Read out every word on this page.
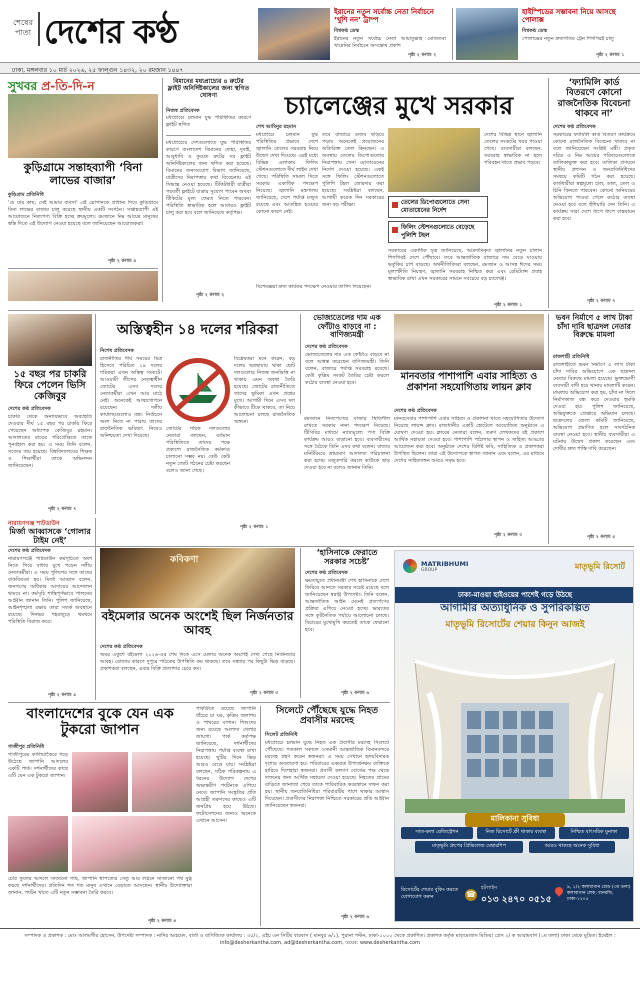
শেষের
পাতা দেশের কণ্ঠ
ঢাকা, মঙ্গলবার ১০ মার্চ ২০২৬, ২৫ ফাল্গুন ১৪৩২, ২০ রমজান ১৪৪৭
ইরানের নতুন সর্বোচ্চ নেতা নির্বাচনে ‘খুশি নন’ ট্রাম্প
বিশ্বকণ্ঠ ডেস্ক
ইরানের নতুন সর্বোচ্চ নেতা আয়াতুল্লাহ মোজতবা খামেনির নির্বাচনে অসন্তোষ প্রকাশ
পৃষ্ঠা ২ কলাম ২
হাইস্পিডের সম্ভাবনা নিয়ে আসছে পোলাক্স
বিশ্বকণ্ঠ ডেস্ক
পোলাক্সের নতুন দ্রুতগতির ট্রেন শিগগিরই চালু
পৃষ্ঠা ২ কলাম ১
সুখবর প্র-তি-দি-ন
কুড়িগ্রামে সন্তাহব্যাপী ‘বিনা লাভের বাজার’
কুড়িগ্রাম প্রতিনিধি
‘যে যার কাছ, সেই আমার ব্যবসা’ এই স্লোগানকে প্রাধান্য দিয়ে কুড়িগ্রামে বিনা লাভের বাজার চালু করেছে স্থানীয় একটি সংগঠন। সপ্তাহব্যাপী এই আয়োজনে নিত্যপণ্য বিক্রি হচ্ছে ক্রয়মূল্যে। রমজানে নিম্ন আয়ের মানুষের স্বস্তি দিতে এই উদ্যোগ নেওয়া হয়েছে বলে জানিয়েছেন আয়োজকরা।
পৃষ্ঠা ২ কলাম ৪
বিমানের মধ্যপ্রাচ্যের ৪ রুটের ফ্লাইট অনির্দিষ্টকালের জন্য স্থগিত ঘোষণা
নিজস্ব প্রতিবেদক
মধ্যপ্রাচ্যে চলমান যুদ্ধ পরিস্থিতির কারণে ফ্লাইট স্থগিত
মধ্যপ্রাচ্যের দেশগুলোতে যুদ্ধ পরিস্থিতির কারণে বাংলাদেশ বিমানের দোহা, দুবাই, আবুধাবি ও কুয়েত রুটের সব ফ্লাইট অনির্দিষ্টকালের জন্য স্থগিত করা হয়েছে। বিমানের জনসংযোগ বিভাগ জানিয়েছে, যাত্রীদের নিরাপত্তার কথা বিবেচনায় এই সিদ্ধান্ত নেওয়া হয়েছে। টিকিটধারী যাত্রীরা পরবর্তী ফ্লাইটে যাত্রার সুযোগ পাবেন অথবা টিকিটের মূল্য ফেরত নিতে পারবেন। পরিস্থিতি স্বাভাবিক হলে আবারও ফ্লাইট চালু করা হবে বলে জানিয়েছে কর্তৃপক্ষ।
পৃষ্ঠা ২ কলাম ২
চ্যালেঞ্জের মুখে সরকার
শেখ আমিনুর রহমান
মধ্যপ্রাচ্যে চলমান যুদ্ধ পরিস্থিতির প্রভাবে দেশে জ্বালানি তেলের সরবরাহ নিয়ে উদ্বেগ দেখা দিয়েছে। এরই মধ্যে বিভিন্ন এলাকায় ফিলিং স্টেশনগুলোতে দীর্ঘ লাইন দেখা গেছে। পরিস্থিতি সামাল দিতে সরকার একাধিক পদক্ষেপ নিয়েছে। জ্বালানি মন্ত্রণালয় জানিয়েছে, দেশে পর্যাপ্ত মজুত রয়েছে এবং আতঙ্কিত হওয়ার কোনো কারণ নেই।
তবে বাজারে গুজব ছড়িয়ে পড়ায় অনেকেই প্রয়োজনের অতিরিক্ত তেল কিনছেন। এ অবস্থায় তেলের ডিপোগুলোর নিরাপত্তায় সেনা মোতায়েনের নির্দেশ দেওয়া হয়েছে। একই সঙ্গে ফিলিং স্টেশনগুলোতে পুলিশি টহল জোরদার করা হয়েছে। সংশ্লিষ্টরা বলছেন, আগামী কয়েক দিন সরকারের জন্য বড় পরীক্ষা।
দেশের বিভিন্ন স্থানে জ্বালানি তেলের সংকটের খবর পাওয়া গেছে। ব্যবসায়ীরা বলছেন, সরবরাহ স্বাভাবিক না হলে পরিবহন খাতে প্রভাব পড়বে।
তেলের ডিপোগুলোতে সেনা মোতায়েনের নির্দেশ
ফিলিং স্টেশনগুলোতে বেড়েছে পুলিশি টহল
সরকারের একাধিক সূত্র জানিয়েছে, আমদানিকৃত জ্বালানির নতুন চালান শিগগিরই দেশে পৌঁছাবে। তবে আন্তর্জাতিক বাজারে দাম বেড়ে যাওয়ায় ভর্তুকির চাপ বাড়ছে। অর্থনীতিবিদরা বলছেন, রমজান ও আসন্ন ঈদের সময় মূল্যস্ফীতি নিয়ন্ত্রণ, জ্বালানি সরবরাহ নিশ্চিত করা এবং রেমিট্যান্স প্রবাহ স্বাভাবিক রাখা এখন সরকারের সামনে সবচেয়ে বড় চ্যালেঞ্জ।
বিশেষজ্ঞরা দ্রুত কার্যকর পদক্ষেপ নেওয়ার তাগিদ দিয়েছেন।
পৃষ্ঠা ২ কলাম ১
‘ফ্যামিলি কার্ড বিতরণে কোনো রাজনৈতিক বিবেচনা থাকবে না’
দেশের কণ্ঠ প্রতিবেদক
সরকারের ফ্যামিলি কার্ড বিতরণ কার্যক্রমে কোনো রাজনৈতিক বিবেচনা থাকবে না বলে জানিয়েছেন সংশ্লিষ্ট মন্ত্রী। প্রকৃত দরিদ্র ও নিম্ন আয়ের পরিবারগুলোকে তালিকাভুক্ত করা হবে। তালিকা প্রণয়নে স্থানীয় প্রশাসন ও জনপ্রতিনিধিদের সমন্বয়ে কমিটি গঠন করা হয়েছে। কার্ডধারীরা স্বল্পমূল্যে চাল, ডাল, তেল ও চিনি কিনতে পারবেন। কোনো অনিয়মের অভিযোগ পাওয়া গেলে কঠোর ব্যবস্থা নেওয়া হবে বলে হুঁশিয়ারি দেন তিনি। এ কার্যক্রম সারা দেশে ধাপে ধাপে বাস্তবায়ন করা হবে।
পৃষ্ঠা ২ কলাম ৭
১৫ বছর পর চাকরি ফিরে পেলেন ভিসি কেজিবুর
দেশের কণ্ঠ প্রতিবেদক
চাকরি থেকে অন্যায়ভাবে অব্যাহতি দেওয়ার দীর্ঘ ১৫ বছর পর চাকরি ফিরে পেয়েছেন অধ্যাপক কেজিবুর রহমান। আদালতের রায়ের পরিপ্রেক্ষিতে তাকে পুনর্বহাল করা হয়। এ সময় তিনি বলেন, সত্যের জয় হয়েছে। বিশ্ববিদ্যালয়ের শিক্ষক ও শিক্ষার্থীরা তাকে অভিনন্দন জানিয়েছেন।
পৃষ্ঠা ২ কলাম ৭
অস্তিত্বহীন ১৪ দলের শরিকরা
নিশেষ প্রতিবেদক
রাজনীতির দীর্ঘ সময়ের মিত্র হিসেবে পরিচিত ১৪ দলের শরিকরা এখন অস্তিত্ব সংকটে। আওয়ামী লীগের নেতৃত্বাধীন জোটের এসব দলের নেতাকর্মীরা এখন আর মাঠে নেই। অনেকেই আত্মগোপনে রয়েছেন। দলীয় কার্যালয়গুলোও বন্ধ। নির্বাচনে অংশ নিতে না পারায় তাদের রাজনৈতিক ভবিষ্যৎ নিয়েও অনিশ্চয়তা দেখা দিয়েছে।
জোটের শরিক দলগুলোর নেতারা বলছেন, বর্তমান পরিস্থিতিতে তাদের পক্ষে প্রকাশ্যে রাজনৈতিক কর্মকাণ্ড চালানো সম্ভব নয়। কেউ কেউ নতুন জোট গঠনের চেষ্টা করছেন বলেও জানা গেছে।
বিশ্লেষকরা মনে করেন, বড় দলের ছত্রছায়ায় থাকা ছোট দলগুলোর নিজস্ব জনভিত্তি না থাকায় এমন অবস্থা তৈরি হয়েছে। জোটের রাজনীতিতে তাদের ভূমিকা এখন প্রশ্নের মুখে। আগামী দিনে এসব দল কীভাবে টিকে থাকবে, তা নিয়ে আলোচনা চলছে রাজনৈতিক অঙ্গনে।
পৃষ্ঠা ২ কলাম ১
ভোজ্যতেলের দাম এক ফোঁটাও বাড়বে না : বাণিজ্যমন্ত্রী
দেশের কণ্ঠ প্রতিবেদক
ভোজ্যতেলের দাম এক ফোঁটাও বাড়বে না বলে আশ্বস্ত করেছেন বাণিজ্যমন্ত্রী। তিনি বলেন, বাজারে পর্যাপ্ত সরবরাহ রয়েছে। কেউ কৃত্রিম সংকট তৈরির চেষ্টা করলে কঠোর ব্যবস্থা নেওয়া হবে।
ভবন নির্মাণে ৫ লাখ টাকা চাঁদা দাবি ছাত্রদল নেতার বিরুদ্ধে মামলা
রাজশাহী প্রতিনিধি
রাজশাহীতে ভবন নির্মাণে ৫ লাখ টাকা চাঁদা দাবির অভিযোগে এক ছাত্রদল নেতার বিরুদ্ধে মামলা হয়েছে। ভুক্তভোগী ব্যবসায়ী বাদী হয়ে থানায় মামলাটি করেন। মামলায় অভিযোগ করা হয়, চাঁদা না দিলে নির্মাণকাজ বন্ধ করে দেওয়ার হুমকি দেওয়া হয়। পুলিশ জানিয়েছে, অভিযুক্তকে গ্রেপ্তারে অভিযান চলছে। ছাত্রদলের জেলা কমিটি জানিয়েছে, অভিযোগ প্রমাণিত হলে সাংগঠনিক ব্যবস্থা নেওয়া হবে। স্থানীয় ব্যবসায়ীরা এ ঘটনায় উদ্বেগ প্রকাশ করেছেন এবং দোষীর দ্রুত শাস্তি দাবি করেছেন।
পৃষ্ঠা ২ কলাম ৫
মানবতার পাশাপাশি এবার সাহিত্য ও প্রকাশনা সহযোগিতায় লায়ন ক্লাব
দেশের কণ্ঠ প্রতিবেদক
মানবসেবার পাশাপাশি এবার সাহিত্য ও প্রকাশনা খাতে সহযোগিতার উদ্যোগ নিয়েছে লায়ন্স ক্লাব। রাজধানীর একটি হোটেলে আয়োজিত অনুষ্ঠানে এ ঘোষণা দেওয়া হয়। ক্লাবের নেতারা বলেন, তরুণ লেখকদের বই প্রকাশে আর্থিক সহায়তা দেওয়া হবে। পাশাপাশি পাঠাগার স্থাপন ও সাহিত্য আড্ডার আয়োজন করা হবে। অনুষ্ঠানে দেশের বিশিষ্ট কবি, সাহিত্যিক ও প্রকাশকরা উপস্থিত ছিলেন। তারা এই উদ্যোগকে স্বাগত জানান এবং বলেন, এর মাধ্যমে দেশের সাহিত্যাঙ্গন আরও সমৃদ্ধ হবে।
পৃষ্ঠা ২ কলাম ৩
রমজানে নিত্যপণ্যের বাজার স্থিতিশীল রাখতে সরকার নানা পদক্ষেপ নিয়েছে। টিসিবির মাধ্যমে ন্যায্যমূল্যে পণ্য বিক্রি কার্যক্রম আরও বাড়ানো হবে। ব্যবসায়ীদের সঙ্গে বৈঠকে তিনি এসব কথা বলেন। বাজার মনিটরিংয়ে ভ্রাম্যমাণ আদালত পরিচালনা করা হচ্ছে। মজুতদারি করলে কাউকে ছাড় দেওয়া হবে না বলেও জানান তিনি।
নারায়ণগঞ্জ শাটডাউন
মির্জা আব্বাসকে ‘গোলার টাইম নেই’
দেশের কণ্ঠ প্রতিবেদক
নারায়ণগঞ্জে শাটডাউন কর্মসূচিতে অংশ নিতে গিয়ে বাধার মুখে পড়েন দলীয় নেতাকর্মীরা। এ সময় পুলিশের সঙ্গে তাদের বাকবিতণ্ডা হয়। মির্জা আব্বাস বলেন, জনগণের অধিকার আদায়ের আন্দোলন থামবে না। কর্মসূচি শান্তিপূর্ণভাবে পালনের আহ্বান জানান তিনি। পুলিশ জানিয়েছে, আইনশৃঙ্খলা রক্ষায় তারা সতর্ক অবস্থানে রয়েছে। দিনভর শহরজুড়ে থমথমে পরিস্থিতি বিরাজ করে।
পৃষ্ঠা ২ কলাম ৫
কবিকণা
বইমেলার অনেক অংশেই ছিল নির্জনতার আবহ
দেশের কণ্ঠ প্রতিবেদক
অমর একুশে বইমেলা ২০২৬-এর শেষ দিকে এসে মেলার অনেক অংশেই দেখা গেছে নির্জনতার আবহ। রোজার কারণে দুপুরে পাঠকের উপস্থিতি কম থাকছে। তবে সন্ধ্যার পর কিছুটা ভিড় বাড়ছে। প্রকাশকরা বলছেন, এবার বিক্রি প্রত্যাশার চেয়ে কম।
পৃষ্ঠা ২ কলাম ৩
‘হাসিনাকে ফেরাতে সরকার সচেষ্ট’
দেশের কণ্ঠ প্রতিবেদক
ক্ষমতাচ্যুত প্রধানমন্ত্রী শেখ হাসিনাকে দেশে ফিরিয়ে আনতে সরকার সচেষ্ট রয়েছে বলে জানিয়েছেন স্বরাষ্ট্র উপদেষ্টা। তিনি বলেন, আন্তর্জাতিক আইন মেনেই প্রত্যর্পণের প্রক্রিয়া এগিয়ে নেওয়া হচ্ছে। ভারতের সঙ্গে কূটনৈতিক পর্যায়ে আলোচনা চলছে। বিচারের মুখোমুখি করতেই তাকে ফেরানো হবে।
পৃষ্ঠা ২ কলাম ৬
MATRIBHUMI
GROUP	মাতৃভূমি রিসোর্ট
ঢাকা-মাওয়া হাইওয়ের পাশেই গড়ে উঠছে
আগামীর অত্যাধুনিক ও সুপরিকল্পিত
মাতৃভূমি রিসোর্টের শেয়ার কিনুন আজই
মালিকানা সুবিধা
সাত-কলা রেজিস্ট্রেশন	নিজ রিসোর্টে ফ্রী থাকার ব্যবস্থা	নিশ্চিত বাৎসরিক মুনাফা
মাতৃভূমি গ্রুপের প্রিভিলেজ মেম্বারশিপ	আরও থাকছে অনেক সুবিধা
রিসোর্টের শেয়ার বুকিং করতে যোগাযোগ করুন	☎
হটলাইন
০১৩ ২৪৭০ ০৫১৫
৯, ১/২ কলাবাগান রোড (৩য় তলা) কলাবাগান লেক, ধানমন্ডি, ঢাকা-১২০৫
বাংলাদেশের বুকে যেন এক টুকরো জাপান
গাজীপুর প্রতিনিধি
গাজীপুরের কালিয়াকৈরে গড়ে উঠেছে জাপানি আদলের একটি পার্ক। দর্শনার্থীদের কাছে এটি যেন এক টুকরো জাপান।
চেরি ফুলের আদলে সাজানো গাছ, জাপানি স্থাপত্যের সেতু আর লণ্ঠনে সাজানো পথ মুগ্ধ করছে দর্শনার্থীদের। প্রতিদিন শত শত মানুষ এখানে বেড়াতে আসছেন। স্থানীয় উদ্যোক্তারা জানান, পর্যটন খাতে এটি নতুন সম্ভাবনা তৈরি করবে।
পৃষ্ঠা ২ কলাম ৪
পার্কটিতে রয়েছে জাপানি ধাঁচের চা ঘর, কৃত্রিম জলাশয় ও পাথরের বাগান। শিশুদের জন্য রয়েছে আলাদা খেলার জায়গা। পার্ক কর্তৃপক্ষ জানিয়েছে, দর্শনার্থীদের নিরাপত্তায় পর্যাপ্ত ব্যবস্থা রাখা হয়েছে। ছুটির দিনে ভিড় আরও বেড়ে যায়। সংশ্লিষ্টরা বলছেন, সঠিক পরিকল্পনায় এ ধরনের উদ্যোগ দেশের অভ্যন্তরীণ পর্যটনকে এগিয়ে নেবে। জাপানি সংস্কৃতির প্রতি আগ্রহী তরুণদের কাছেও এটি জনপ্রিয় হয়ে উঠছে। ফটোসেশনের জন্যও অনেকে এখানে আসেন।
সিলেটে পৌঁছেছে যুদ্ধে নিহত প্রবাসীর মরদেহ
সিলেট প্রতিনিধি
মধ্যপ্রাচ্যে চলমান যুদ্ধে নিহত এক প্রবাসীর মরদেহ সিলেটে পৌঁছেছে। গতকাল সকালে ওসমানী আন্তর্জাতিক বিমানবন্দরে মরদেহ গ্রহণ করেন স্বজনরা। এ সময় সেখানে হৃদয়বিদারক দৃশ্যের অবতারণা হয়। পরিবারের একমাত্র উপার্জনক্ষম ব্যক্তিকে হারিয়ে দিশেহারা স্বজনরা। প্রবাসী কল্যাণ বোর্ডের পক্ষ থেকে দাফনের জন্য আর্থিক সহায়তা দেওয়া হয়েছে। নিহতের গ্রামের বাড়িতে জানাজা শেষে তাকে পারিবারিক কবরস্থানে দাফন করা হয়। স্থানীয় জনপ্রতিনিধিরা পরিবারটির পাশে থাকার আশ্বাস দিয়েছেন। প্রবাসীদের নিরাপত্তা নিশ্চিতে সরকারের প্রতি আহ্বান জানিয়েছেন স্বজনরা।
পৃষ্ঠা ২ কলাম ৬
সম্পাদক ও প্রকাশক : মোঃ আলমগীর হোসেন, উপদেষ্টা সম্পাদক : নাদির আহমেদ, বার্তা ও বাণিজ্যিক কার্যালয় : ৩৫/২, এইচ এন সিটির বারবাস ( মানবুর ৬/১), পুরানা পল্টন, ঢাকা-১০০০ থেকে প্রকাশিত। প্রকাশক কর্তৃক মাতৃমেজাস মিডিয়া প্রেস ২/ ক আরামবাগ (১ম তলা) ঢাকা থেকে মুদ্রিত। ইমেইল : info@desherkantha.com, ad@desherkantha.com, ওয়েব: www.desherkantha.com
